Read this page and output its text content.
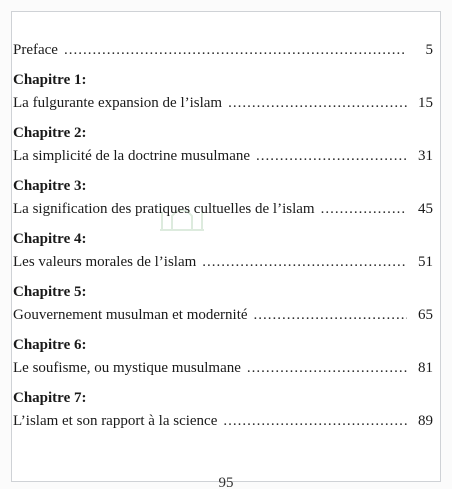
Preface .....	5
Chapitre 1:
La fulgurante expansion de l’islam .....	15
Chapitre 2:
La simplicité de la doctrine musulmane .....	31
Chapitre 3:
La signification des pratiques cultuelles de l’islam .....	45
Chapitre 4:
Les valeurs morales de l’islam .....	51
Chapitre 5:
Gouvernement musulman et modernité .....	65
Chapitre 6:
Le soufisme, ou mystique musulmane .....	81
Chapitre 7:
L’islam et son rapport à la science .....	89
95
